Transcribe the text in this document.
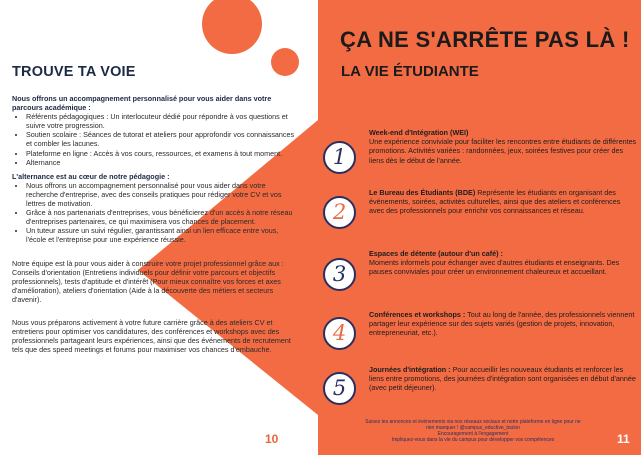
TROUVE TA VOIE

Nous offrons un accompagnement personnalisé pour vous aider dans votre parcours académique :

• Référents pédagogiques : Un interlocuteur dédié pour répondre à vos questions et suivre votre progression.
• Soutien scolaire : Séances de tutorat et ateliers pour approfondir vos connaissances et combler les lacunes.
• Plateforme en ligne : Accès à vos cours, ressources, et examens à tout moment.
• Alternance

L'alternance est au cœur de notre pédagogie :

• Nous offrons un accompagnement personnalisé pour vous aider dans votre recherche d'entreprise, avec des conseils pratiques pour rédiger votre CV et vos lettres de motivation.
• Grâce à nos partenariats d'entreprises, vous bénéficierez d'un accès à notre réseau d'entreprises partenaires, ce qui maximisera vos chances de placement.
• Un tuteur assure un suivi régulier, garantissant ainsi un lien efficace entre vous, l'école et l'entreprise pour une expérience réussie.

Notre équipe est là pour vous aider à construire votre projet professionnel grâce aux : Conseils d'orientation (Entretiens individuels pour définir votre parcours et objectifs professionnels), tests d'aptitude et d'intérêt (Pour mieux connaître vos forces et axes d'amélioration), ateliers d'orientation (Aide à la découverte des métiers et secteurs d'avenir).

Nous vous préparons activement à votre future carrière grâce à des ateliers CV et entretiens pour optimiser vos candidatures, des conférences et workshops avec des professionnels partageant leurs expériences, ainsi que des événements de recrutement tels que des speed meetings et forums pour maximiser vos chances d'embauche.

10
ÇA NE S'ARRÊTE PAS LÀ !
LA VIE ÉTUDIANTE
1
Week-end d'Intégration (WEI)
Une expérience conviviale pour faciliter les rencontres entre étudiants de différentes promotions. Activités variées : randonnées, jeux, soirées festives pour créer des liens dès le début de l'année.
2
Le Bureau des Étudiants (BDE) Représente les étudiants en organisant des événements, soirées, activités culturelles, ainsi que des ateliers et conférences avec des professionnels pour enrichir vos connaissances et réseau.
3
Espaces de détente (autour d'un café) :
Moments informels pour échanger avec d'autres étudiants et enseignants. Des pauses conviviales pour créer un environnement chaleureux et accueillant.
4
Conférences et workshops : Tout au long de l'année, des professionnels viennent partager leur expérience sur des sujets variés (gestion de projets, innovation, entrepreneuriat, etc.).
5
Journées d'intégration : Pour accueillir les nouveaux étudiants et renforcer les liens entre promotions, des journées d'intégration sont organisées en début d'année (avec petit déjeuner).
Suivez les annonces et événements via nos réseaux sociaux et notre plateforme en ligne pour ne
rien manquer ! @campus_eductive_toulon
Encouragement à l'engagement
Impliquez-vous dans la vie du campus pour développer vos compétences	11
